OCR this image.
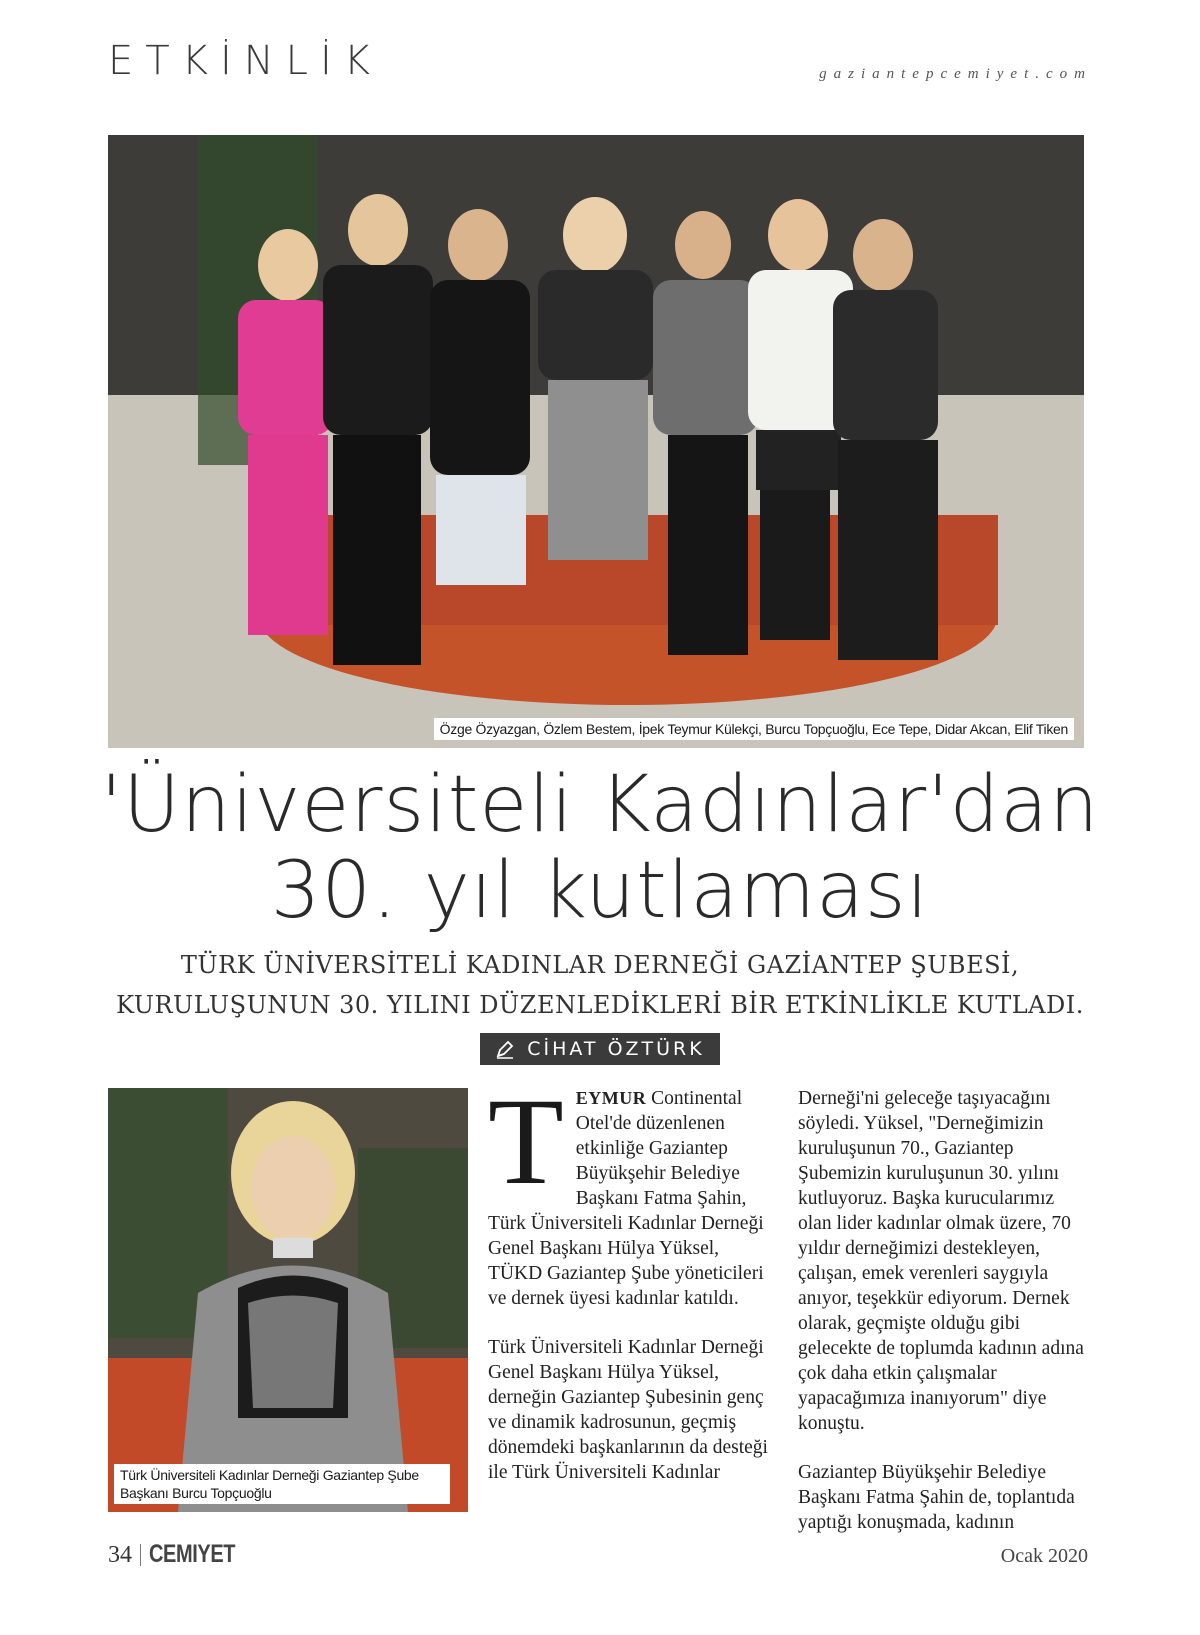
ETKİNLİK	gaziantepcemiyet.com
Özge Özyazgan, Özlem Bestem, İpek Teymur Külekçi, Burcu Topçuoğlu, Ece Tepe, Didar Akcan, Elif Tiken
'Üniversiteli Kadınlar'dan
30. yıl kutlaması
TÜRK ÜNİVERSİTELİ KADINLAR DERNEĞİ GAZİANTEP ŞUBESİ,
KURULUŞUNUN 30. YILINI DÜZENLEDİKLERİ BİR ETKİNLİKLE KUTLADI.
CİHAT ÖZTÜRK
Türk Üniversiteli Kadınlar Derneği Gaziantep Şube Başkanı Burcu Topçuoğlu

T EYMUR Continental Otel'de düzenlenen etkinliğe Gaziantep Büyükşehir Belediye Başkanı Fatma Şahin, Türk Üniversiteli Kadınlar Derneği Genel Başkanı Hülya Yüksel, TÜKD Gaziantep Şube yöneticileri ve dernek üyesi kadınlar katıldı.

Türk Üniversiteli Kadınlar Derneği Genel Başkanı Hülya Yüksel, derneğin Gaziantep Şubesinin genç ve dinamik kadrosunun, geçmiş dönemdeki başkanlarının da desteği ile Türk Üniversiteli Kadınlar

Derneği'ni geleceğe taşıyacağını söyledi. Yüksel, "Derneğimizin kuruluşunun 70., Gaziantep Şubemizin kuruluşunun 30. yılını kutluyoruz. Başka kurucularımız olan lider kadınlar olmak üzere, 70 yıldır derneğimizi destekleyen, çalışan, emek verenleri saygıyla anıyor, teşekkür ediyorum. Dernek olarak, geçmişte olduğu gibi gelecekte de toplumda kadının adına çok daha etkin çalışmalar yapacağımıza inanıyorum" diye konuştu.

Gaziantep Büyükşehir Belediye Başkanı Fatma Şahin de, toplantıda yaptığı konuşmada, kadının

34 CEMIYET	Ocak 2020
